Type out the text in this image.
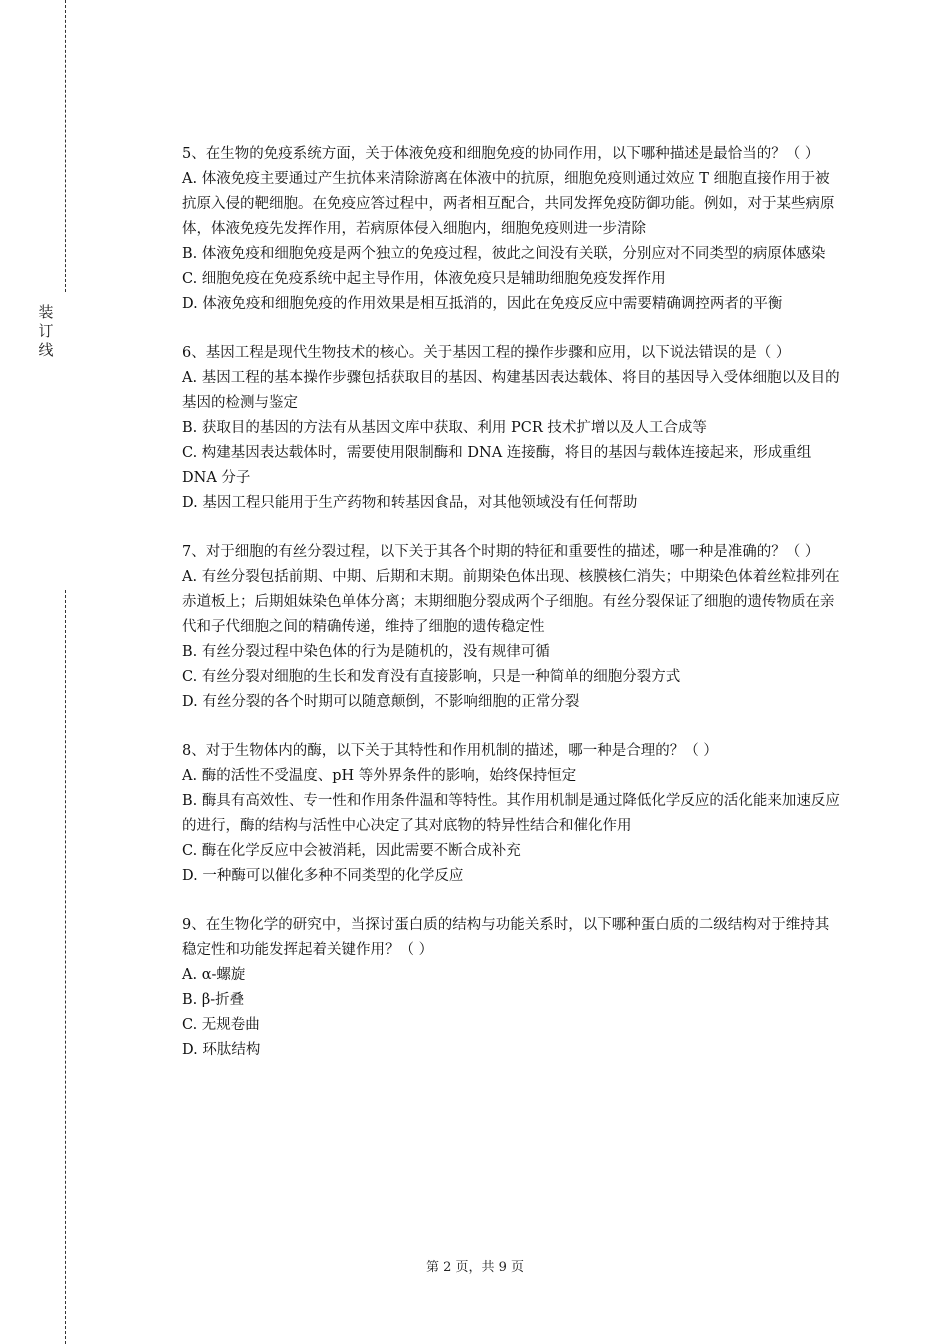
装
订
线

5、在生物的免疫系统方面，关于体液免疫和细胞免疫的协同作用，以下哪种描述是最恰当的？（ ）

A. 体液免疫主要通过产生抗体来清除游离在体液中的抗原，细胞免疫则通过效应 T 细胞直接作用于被抗原入侵的靶细胞。在免疫应答过程中，两者相互配合，共同发挥免疫防御功能。例如，对于某些病原体，体液免疫先发挥作用，若病原体侵入细胞内，细胞免疫则进一步清除

B. 体液免疫和细胞免疫是两个独立的免疫过程，彼此之间没有关联，分别应对不同类型的病原体感染

C. 细胞免疫在免疫系统中起主导作用，体液免疫只是辅助细胞免疫发挥作用

D. 体液免疫和细胞免疫的作用效果是相互抵消的，因此在免疫反应中需要精确调控两者的平衡

6、基因工程是现代生物技术的核心。关于基因工程的操作步骤和应用，以下说法错误的是（ ）

A. 基因工程的基本操作步骤包括获取目的基因、构建基因表达载体、将目的基因导入受体细胞以及目的基因的检测与鉴定

B. 获取目的基因的方法有从基因文库中获取、利用 PCR 技术扩增以及人工合成等

C. 构建基因表达载体时，需要使用限制酶和 DNA 连接酶，将目的基因与载体连接起来，形成重组 DNA 分子

D. 基因工程只能用于生产药物和转基因食品，对其他领域没有任何帮助

7、对于细胞的有丝分裂过程，以下关于其各个时期的特征和重要性的描述，哪一种是准确的？（ ）

A. 有丝分裂包括前期、中期、后期和末期。前期染色体出现、核膜核仁消失；中期染色体着丝粒排列在赤道板上；后期姐妹染色单体分离；末期细胞分裂成两个子细胞。有丝分裂保证了细胞的遗传物质在亲代和子代细胞之间的精确传递，维持了细胞的遗传稳定性

B. 有丝分裂过程中染色体的行为是随机的，没有规律可循

C. 有丝分裂对细胞的生长和发育没有直接影响，只是一种简单的细胞分裂方式

D. 有丝分裂的各个时期可以随意颠倒，不影响细胞的正常分裂

8、对于生物体内的酶，以下关于其特性和作用机制的描述，哪一种是合理的？（ ）

A. 酶的活性不受温度、pH 等外界条件的影响，始终保持恒定

B. 酶具有高效性、专一性和作用条件温和等特性。其作用机制是通过降低化学反应的活化能来加速反应的进行，酶的结构与活性中心决定了其对底物的特异性结合和催化作用

C. 酶在化学反应中会被消耗，因此需要不断合成补充

D. 一种酶可以催化多种不同类型的化学反应

9、在生物化学的研究中，当探讨蛋白质的结构与功能关系时，以下哪种蛋白质的二级结构对于维持其稳定性和功能发挥起着关键作用？（ ）

A. α-螺旋

B. β-折叠

C. 无规卷曲

D. 环肽结构

第 2 页，共 9 页
